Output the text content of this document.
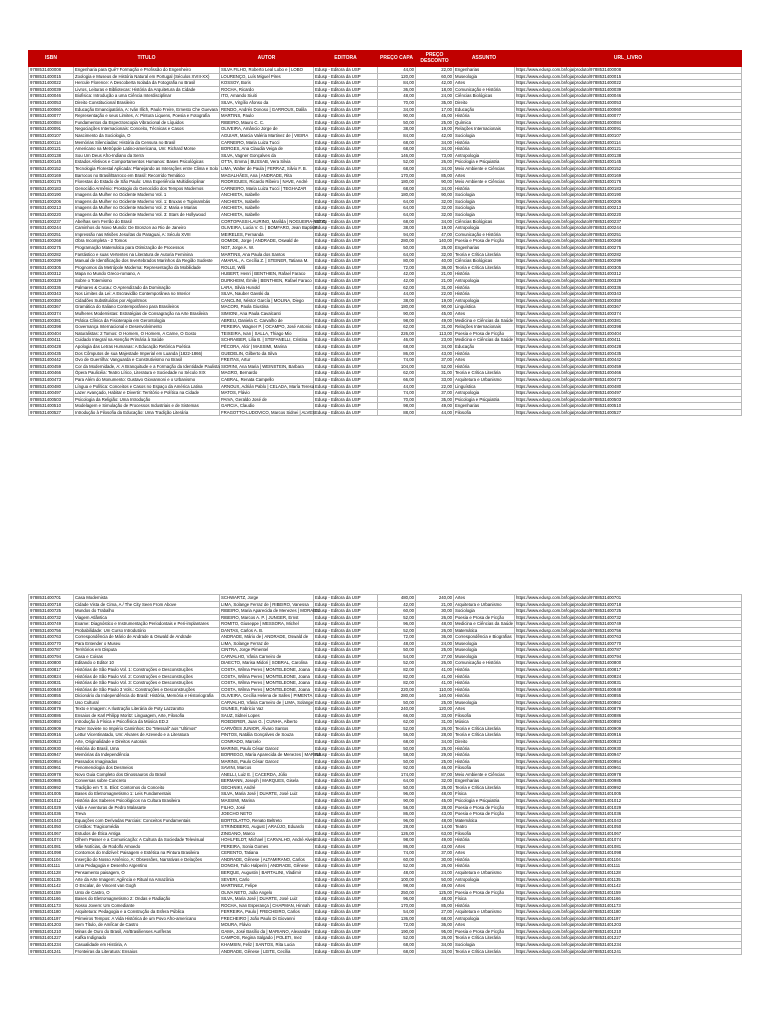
ISBN	TITULO	AUTOR	EDITORA	PREÇO CAPA	PREÇO DESCONTO	ASSUNTO	URL_LIVRO
9788531400008	Engenharia para Quê? Formação e Profissão do Engenheiro	SILVA FILHO, Roberto Leal Lobo e | LOBO	Edusp - Editora da USP	44,00	22,00	Engenharias	https://www.edusp.com.br/loja/produto/9788531400008
9788531400015	Zoologia e Museus de História Natural em Portugal (Séculos XVIII-XX)	LOURENÇO, Luís Miguel Pires	Edusp - Editora da USP	120,00	60,00	Museologia	https://www.edusp.com.br/loja/produto/9788531400015
9788531400022	Hercule Florence: A Descoberta Isolada da Fotografia no Brasil	KOSSOY, Boris	Edusp - Editora da USP	84,00	42,00	Artes	https://www.edusp.com.br/loja/produto/9788531400022
9788531400039	Livros, Leituras e Bibliotecas: História da Arquitetura da Cidade	ROCHA, Ricardo	Edusp - Editora da USP	36,00	18,00	Comunicação e História	https://www.edusp.com.br/loja/produto/9788531400039
9788531400046	Biofisica: Introdução a uma Ciência Interdisciplinar	ITO, Amando Siuiti	Edusp - Editora da USP	48,00	24,00	Ciências Biológicas	https://www.edusp.com.br/loja/produto/9788531400046
9788531400053	Direito Constitucional Brasileiro	SILVA, Virgílio Afonso da	Edusp - Editora da USP	70,00	35,00	Direito	https://www.edusp.com.br/loja/produto/9788531400053
9788531400060	Educação Emancipatória, A: Iván Illich, Paulo Freire, Ernesto Che Guevara	RENDO, Andrés Donoso | GARROUX, Dalila	Edusp - Editora da USP	34,00	17,00	Educação	https://www.edusp.com.br/loja/produto/9788531400060
9788531400077	Representação e seus Limites, A: Pintura Liquens, Poesia e Fotografia	MARTINS, Paulo	Edusp - Editora da USP	90,00	45,00	História	https://www.edusp.com.br/loja/produto/9788531400077
9788531400084	Fundamentos da Espectroscopia Vibracional de Líquidos	RIBEIRO, Mauro C. C.	Edusp - Editora da USP	50,00	25,00	Química	https://www.edusp.com.br/loja/produto/9788531400084
9788531400091	Negociações Internacionais: Conceito, Técnicas e Casos	OLIVEIRA, Amâncio Jorge de	Edusp - Editora da USP	38,00	19,00	Relações Internacionais	https://www.edusp.com.br/loja/produto/9788531400091
9788531400107	Nascimento da Sociologia, O	AGUIAR, Marcia Valéria Martinez de | VIEIRA	Edusp - Editora da USP	84,00	42,00	Sociologia	https://www.edusp.com.br/loja/produto/9788531400107
9788531400114	Memórias Silenciadas: História da Censura no Brasil	CARNEIRO, Maria Luiza Tucci	Edusp - Editora da USP	68,00	34,00	História	https://www.edusp.com.br/loja/produto/9788531400114
9788531400121	Americano na Metrópole Latino-americana, Um: Richard Morse	BORGES, Ana Claudia Veiga de	Edusp - Editora da USP	68,00	34,00	História	https://www.edusp.com.br/loja/produto/9788531400121
9788531400138	Sou Um Deus Afro-Indiano da Serra	SILVA, Vagner Gonçalves da	Edusp - Editora da USP	146,00	73,00	Antropologia	https://www.edusp.com.br/loja/produto/9788531400138
9788531400145	Estados Afetivos e Comportamentos Humanos: Bases Psicológicas	OTTA, Emma | BUSSAB, Vera Silvia	Edusp - Editora da USP	52,00	26,00	Psicologia e Psiquiatria	https://www.edusp.com.br/loja/produto/9788531400145
9788531400152	Tecnologia Florestal Aplicada: Planejando as Interações entre Clima e Solo	LIMA, Walter de Paula | FERRAZ, Silvio F. B.	Edusp - Editora da USP	68,00	34,00	Meio Ambiente e Ciências	https://www.edusp.com.br/loja/produto/9788531400152
9788531400169	Barrocos no Brasil/Barroco em Brasil: Recorrido Temático	MAGALHÃES, Ana | ANDRADE, Rita	Edusp - Editora da USP	170,00	85,00	Artes	https://www.edusp.com.br/loja/produto/9788531400169
9788531400176	Florestas do Estado de São Paulo: Uma Experiência Multidisciplinar	RODRIGUES, Ricardo Ribeiro | NAVE, André	Edusp - Editora da USP	180,00	90,00	Meio Ambiente e Ciências	https://www.edusp.com.br/loja/produto/9788531400176
9788531400183	Genocídio Armênio: Prostogio do Genocídio dos Tempos Modernos	CARNEIRO, Maria Luiza Tucci | TEGHAZAR	Edusp - Editora da USP	68,00	34,00	História	https://www.edusp.com.br/loja/produto/9788531400183
9788531400190	Imagens da Mulher no Ocidente Moderno Vol. 1	ANCHIETA, Isabelle	Edusp - Editora da USP	180,00	90,00	Sociologia	https://www.edusp.com.br/loja/produto/9788531400190
9788531400206	Imagens da Mulher no Ocidente Moderno Vol. 1: Bruxas e Tupinambás	ANCHIETA, Isabelle	Edusp - Editora da USP	64,00	32,00	Sociologia	https://www.edusp.com.br/loja/produto/9788531400206
9788531400213	Imagens da Mulher no Ocidente Moderno Vol. 2: Maria e Marias	ANCHIETA, Isabelle	Edusp - Editora da USP	64,00	32,00	Sociologia	https://www.edusp.com.br/loja/produto/9788531400213
9788531400220	Imagens da Mulher no Ocidente Moderno Vol. 3: Stars de Hollywood	ANCHIETA, Isabelle	Edusp - Editora da USP	64,00	32,00	Sociologia	https://www.edusp.com.br/loja/produto/9788531400220
9788531400237	Abelhas sem Ferrão do Brasil	CORTOPASSI-LAURINO, Marilda | NOGUEIRA-NETO	Edusp - Editora da USP	68,00	34,00	Ciências Biológicas	https://www.edusp.com.br/loja/produto/9788531400237
9788531400244	Caminhos do Novo Mundo: De Bronzon ao Rio de Janeiro	OLIVEIRA, Lucia V. G. | BOMFARO, Jean Baptiste	Edusp - Editora da USP	38,00	19,00	Antropologia	https://www.edusp.com.br/loja/produto/9788531400244
9788531400251	Impressão nas Misões Jesuítas do Paraguai, A: Século XVIII	MEIRELES, Fernanda	Edusp - Editora da USP	94,00	47,00	Comunicação e História	https://www.edusp.com.br/loja/produto/9788531400251
9788531400268	Obra Incompleta - 2 Tomos	GOMIDE, Jorge | ANDRADE, Oswald de	Edusp - Editora da USP	280,00	140,00	Poesia e Prosa de Ficção	https://www.edusp.com.br/loja/produto/9788531400268
9788531400275	Programação Matemática para Otimização de Processos	NGT, Jorge A. W.	Edusp - Editora da USP	50,00	25,00	Engenharias	https://www.edusp.com.br/loja/produto/9788531400275
9788531400282	Fantástico e suas Vertentes na Literatura de Autoria Feminina	MARTINS, Ana Paula dos Santos	Edusp - Editora da USP	64,00	32,00	Teoria e Crítica Literária	https://www.edusp.com.br/loja/produto/9788531400282
9788531400299	Manual de Identificação dos Invertebrados Marinhos da Região Sudeste	AMARAL, A. Cecília Z. | STEINER, Tatiana M.	Edusp - Editora da USP	80,00	40,00	Ciências Biológicas	https://www.edusp.com.br/loja/produto/9788531400299
9788531400305	Prognomos da Metrópole Moderna: Representação da Mobilidade	ROLLE, Willi	Edusp - Editora da USP	72,00	36,00	Teoria e Crítica Literária	https://www.edusp.com.br/loja/produto/9788531400305
9788531400312	Mapa no Mundo Greco-romano, A	HUBERT, Henri | BENTHIEN, Rafael Faraco	Edusp - Editora da USP	42,00	21,00	História	https://www.edusp.com.br/loja/produto/9788531400312
9788531400329	Sobre o Totemismo	DURKHEIM, Émile | BENTHIEN, Rafael Faraco	Edusp - Editora da USP	42,00	21,00	Antropologia	https://www.edusp.com.br/loja/produto/9788531400329
9788531400336	Palmares & Cucau: O Aprendizado da Dominação	LARA, Silvia Hunold	Edusp - Editora da USP	62,00	31,00	História	https://www.edusp.com.br/loja/produto/9788531400336
9788531400343	Nos Limites da Lei: A Escravidão Contemporânea no Interior	SILVA, Nauber Gavski da	Edusp - Editora da USP	44,00	22,00	História	https://www.edusp.com.br/loja/produto/9788531400343
9788531400350	Cidadões Substituídos por Algoritmos	CANCLINI, Néstor García | MOLINA, Diego	Edusp - Editora da USP	38,00	19,00	Antropologia	https://www.edusp.com.br/loja/produto/9788531400350
9788531400367	Gramática do Italiano Contemporâneo para Brasileiros	MACORI, Paola Giustina	Edusp - Editora da USP	180,00	90,00	Linguística	https://www.edusp.com.br/loja/produto/9788531400367
9788531400374	Mulheres Modernistas: Estratégias de Consagração na Arte Brasileira	SIMIONI, Ana Paula Cavalcanti	Edusp - Editora da USP	90,00	45,00	Artes	https://www.edusp.com.br/loja/produto/9788531400374
9788531400381	Prática Clínica da Fisioterapia em Gerontologia	ABREU, Daniela C. Carvalho de	Edusp - Editora da USP	98,00	49,00	Medicina e Ciências da Saúde	https://www.edusp.com.br/loja/produto/9788531400381
9788531400398	Governança Internacional e Desenvolvimento	PEREIRA, Wagner P. | OCAMPO, José Antonio	Edusp - Editora da USP	62,00	31,00	Relações Internacionais	https://www.edusp.com.br/loja/produto/9788531400398
9788531400404	Naturalistas: 2 Tomos: O Homem, O Homem, A Carne, O Gosto	TEIXEIRA, Ivan | SALLA, Thiago Mio	Edusp - Editora da USP	226,00	113,00	Poesia e Prosa de Ficção	https://www.edusp.com.br/loja/produto/9788531400404
9788531400411	Cuidado Integral na Atenção Primária à Saúde	SCHRAIBER, Lilia B. | STEFANELLI, Cristina	Edusp - Editora da USP	46,00	23,00	Medicina e Ciências da Saúde	https://www.edusp.com.br/loja/produto/9788531400411
9788531400428	Apologia das Letras Humanas: A Educação Retórica Poética	PÉCORA, Alcir | MASSIMI, Marina	Edusp - Editora da USP	68,00	34,00	Educação	https://www.edusp.com.br/loja/produto/9788531400428
9788531400435	Dos Cômputos de sua Majestade Imperial em Luanda (1822-1866)	GUEDELIN, Gilberto da Silva	Edusp - Editora da USP	86,00	43,00	História	https://www.edusp.com.br/loja/produto/9788531400435
9788531400442	Ovo de Guerrilha: Vanguarda e Construtivismo no Brasil	FREITAS, Artur	Edusp - Editora da USP	74,00	37,00	Artes	https://www.edusp.com.br/loja/produto/9788531400442
9788531400459	Cor da Modernidade, A: A Branquitude e a Formação da Identidade Paulista	SIORINI, Ana Maria | WEINSTEIN, Barbara	Edusp - Editora da USP	104,00	52,00	História	https://www.edusp.com.br/loja/produto/9788531400459
9788531400466	Ópera Paulicéia: Teatro Lírico, Literatura e Sociedade no Século XIX	MAGRO, Bernardo	Edusp - Editora da USP	62,00	31,00	Teoria e Crítica Literária	https://www.edusp.com.br/loja/produto/9788531400466
9788531400473	Para Além do Monumento: Gustavo Giovannoni e o Urbanismo	CABRAL, Renata Campello	Edusp - Editora da USP	66,00	33,00	Arquitetura e Urbanismo	https://www.edusp.com.br/loja/produto/9788531400473
9788531400480	Língua e Política: Conceitos e Casos no Espaço da América Latina	ARNOUX, Adrián Pablo | CELADA, María Teresa	Edusp - Editora da USP	44,00	22,00	Linguística	https://www.edusp.com.br/loja/produto/9788531400480
9788531400497	Lazer Avançado, Habitar e Divertir: Território e Política na Cidade	MATOS, Flávio	Edusp - Editora da USP	74,00	37,00	Antropologia	https://www.edusp.com.br/loja/produto/9788531400497
9788531400503	Psicologia da Religião: Uma Introdução	PAIVA, Geraldo José de	Edusp - Editora da USP	70,00	35,00	Psicologia e Psiquiatria	https://www.edusp.com.br/loja/produto/9788531400503
9788531400510	Modelagem e Simulação de Processos Industriais e de Sistemas	GARCIA, Claudio	Edusp - Editora da USP	98,00	49,00	Engenharias	https://www.edusp.com.br/loja/produto/9788531400510
9788531400527	Introdução à Filosofia da Educação: Uma Tradição Literária	FRAGOTTO-LUDOVICO, Marcos Sidnei | ALVES	Edusp - Editora da USP	88,00	44,00	Filosofia	https://www.edusp.com.br/loja/produto/9788531400527
9788531400701	Casa Modernista	SCHWARTZ, Jorge	Edusp - Editora da USP	480,00	240,00	Artes	https://www.edusp.com.br/loja/produto/9788531400701
9788531400718	Cidade Vista de Cima, A / The City Seen From Above	LIMA, Solange Ferraz de | RIBEIRO, Vanessa	Edusp - Editora da USP	42,00	21,00	Arquitetura e Urbanismo	https://www.edusp.com.br/loja/produto/9788531400718
9788531400725	Mundos do Trabalho	RIBEIRO, Maria Aparecida de Menezes | MORAES	Edusp - Editora da USP	60,00	30,00	Sociologia	https://www.edusp.com.br/loja/produto/9788531400725
9788531400732	Viagem Atlântica	RIBEIRO, Marcos A. P. | JUNGER, Ernst	Edusp - Editora da USP	52,00	26,00	Poesia e Prosa de Ficção	https://www.edusp.com.br/loja/produto/9788531400732
9788531400749	Exame: Diagnóstico e Instrumentação Periodontais e Peri-implantares	ROMITO, Giuseppe | MESSORA, Michel	Edusp - Editora da USP	96,00	48,00	Medicina e Ciências da Saúde	https://www.edusp.com.br/loja/produto/9788531400749
9788531400756	Probabilidade: Um Curso Introdutório	DANTAS, Carlos A. B.	Edusp - Editora da USP	52,00	26,00	Matemática	https://www.edusp.com.br/loja/produto/9788531400756
9788531400763	Correspondência de Mário de Andrade & Oswald de Andrade	ANDRADE, Mário de | ANDRADE, Oswald de	Edusp - Editora da USP	72,00	36,00	Correspondência e Biografias	https://www.edusp.com.br/loja/produto/9788531400763
9788531400770	Para Entender o Museu	LIMA, Solange Ferraz de	Edusp - Editora da USP	48,00	24,00	Museologia	https://www.edusp.com.br/loja/produto/9788531400770
9788531400787	Territórios em Disputa	CINTRA, Jorge Pimentel	Edusp - Editora da USP	50,00	25,00	Museologia	https://www.edusp.com.br/loja/produto/9788531400787
9788531400794	Casa e Coisas	CARVALHO, Vânia Carneiro de	Edusp - Editora da USP	54,00	27,00	Museologia	https://www.edusp.com.br/loja/produto/9788531400794
9788531400800	Editando o Editor 10	DIAECTO, Marisa Midori | SOBRAL, Carolina	Edusp - Editora da USP	52,00	26,00	Comunicação e História	https://www.edusp.com.br/loja/produto/9788531400800
9788531400817	Histórias de São Paulo Vol. 1: Construções e Desconstruções	COSTA, Wilma Peres | MONTELEONE, Joana	Edusp - Editora da USP	82,00	41,00	História	https://www.edusp.com.br/loja/produto/9788531400817
9788531400824	Histórias de São Paulo Vol. 2: Construções e Desconstruções	COSTA, Wilma Peres | MONTELEONE, Joana	Edusp - Editora da USP	82,00	41,00	História	https://www.edusp.com.br/loja/produto/9788531400824
9788531400831	Histórias de São Paulo Vol. 3: Construções e Desconstruções	COSTA, Wilma Peres | MONTELEONE, Joana	Edusp - Editora da USP	82,00	41,00	História	https://www.edusp.com.br/loja/produto/9788531400831
9788531400848	Histórias de São Paulo 3 Vols.: Construções e Desconstruções	COSTA, Wilma Peres | MONTELEONE, Joana	Edusp - Editora da USP	220,00	110,00	História	https://www.edusp.com.br/loja/produto/9788531400848
9788531400855	Dicionário da Independência do Brasil: História, Memória e Historiografia	OLIVEIRA, Cecília Helena de Salles | PIMENTA	Edusp - Editora da USP	280,00	140,00	História	https://www.edusp.com.br/loja/produto/9788531400855
9788531400862	Uso Cultural	CARVALHO, Vânia Carneiro de | LIMA, Solange	Edusp - Editora da USP	50,00	25,00	Museologia	https://www.edusp.com.br/loja/produto/9788531400862
9788531400879	Texto e Imagem: A Ilustração Literária de Poty Lazzarotto	GIUNES, Fabricio Vaz	Edusp - Editora da USP	240,00	120,00	Artes	https://www.edusp.com.br/loja/produto/9788531400879
9788531400886	Ensaios de Karl Philipp Moritz: Linguagem, Arte, Filosofia	SAUZ, Sidnei Lopes	Edusp - Editora da USP	66,00	33,00	Filosofia	https://www.edusp.com.br/loja/produto/9788531400886
9788531400893	Introdução à Física e Psicofísica da Música ED.2	ROEDERER, Juan G. | CUNHA, Alberto	Edusp - Editora da USP	62,00	31,00	Música	https://www.edusp.com.br/loja/produto/9788531400893
9788531400909	Fazer Soviete no Império Caminhos: Do "Messali" aos "Ultimos"	CARVÕES JUNIOR, Álvaro Santos	Edusp - Editora da USP	52,00	26,00	Teoria e Crítica Literária	https://www.edusp.com.br/loja/produto/9788531400909
9788531400916	Lettur Vicentinatado, Um: Alvares de Azevedo e a Literatura	PINTOS, Natália Gonçalves de Souza	Edusp - Editora da USP	56,00	28,00	Teoria e Crítica Literária	https://www.edusp.com.br/loja/produto/9788531400916
9788531400923	Arte, Originalidade e Direitos Autorais	CONRADO, Marcelo	Edusp - Editora da USP	68,00	34,00	Direito	https://www.edusp.com.br/loja/produto/9788531400923
9788531400930	História do Brasil, Uma	MARINS, Paulo César Garcez	Edusp - Editora da USP	50,00	25,00	História	https://www.edusp.com.br/loja/produto/9788531400930
9788531400947	Memórias da Independência	BORREGO, Maria Aparecida de Menezes | MARINS	Edusp - Editora da USP	58,00	29,00	História	https://www.edusp.com.br/loja/produto/9788531400947
9788531400954	Passados Imaginados	MARINS, Paulo César Garcez	Edusp - Editora da USP	50,00	25,00	História	https://www.edusp.com.br/loja/produto/9788531400954
9788531400961	Fenomenologia dos Desmeios	SAVINI, Marcos	Edusp - Editora da USP	92,00	46,00	Filosofia	https://www.edusp.com.br/loja/produto/9788531400961
9788531400978	Novo Guia Completo dos Dinossauros do Brasil	ANELLI, Luiz E. | CACERDA, Júlio	Edusp - Editora da USP	174,00	87,00	Meio Ambiente e Ciências	https://www.edusp.com.br/loja/produto/9788531400978
9788531400985	Conversas sobre Concreto	BERMANN, Joseph | MARQUES, Gisela	Edusp - Editora da USP	64,00	32,00	Engenharias	https://www.edusp.com.br/loja/produto/9788531400985
9788531400992	Tradição em T. S. Eliot: Contornos do Conceito	GECHNIKI, André	Edusp - Editora da USP	50,00	25,00	Teoria e Crítica Literária	https://www.edusp.com.br/loja/produto/9788531400992
9788531401005	Bases do Eletromagnetismo 1: Leis Fundamentais	SILVA, Maria José | DUARTE, José Luiz	Edusp - Editora da USP	96,00	48,00	Física	https://www.edusp.com.br/loja/produto/9788531401005
9788531401012	História dos Saberes Psicológicos na Cultura Brasileira	MASSIMI, Marina	Edusp - Editora da USP	90,00	45,00	Psicologia e Psiquiatria	https://www.edusp.com.br/loja/produto/9788531401012
9788531401029	Vida e Aventuras de Pedro Malasarte	FILHO, José	Edusp - Editora da USP	56,00	28,00	Poesia e Prosa de Ficção	https://www.edusp.com.br/loja/produto/9788531401029
9788531401036	Treva	JOECHO NETO	Edusp - Editora da USP	86,00	43,00	Poesia e Prosa de Ficção	https://www.edusp.com.br/loja/produto/9788531401036
9788531401043	Equações com Derivadas Parciais: Conceitos Fundamentais	BORTOLATTO, Renato Beltreto	Edusp - Editora da USP	96,00	48,00	Matemática	https://www.edusp.com.br/loja/produto/9788531401043
9788531401050	Cristãos: Tragicomédia	STRINDBERG, August | ARAÚJO, Eduardo	Edusp - Editora da USP	28,00	14,00	Teatro	https://www.edusp.com.br/loja/produto/9788531401050
9788531401067	Estudos de Ética Antiga	ZINGANO, Marco	Edusp - Editora da USP	126,00	63,00	Filosofia	https://www.edusp.com.br/loja/produto/9788531401067
9788531401074	Olhem Passer e a Comunicação: A Cultura da Sociedade Televisual	HOHLFELDT, Michael | CARVALHO, André Alves	Edusp - Editora da USP	98,00	49,00	História	https://www.edusp.com.br/loja/produto/9788531401074
9788531401081	Mãe Notícias, de Rodolfo Amoedo	PEREIRA, Sonia Gomes	Edusp - Editora da USP	86,00	43,00	Artes	https://www.edusp.com.br/loja/produto/9788531401081
9788531401098	Contornos do Indizível: Paisagem e Estética na Pintura Brasileira	CERENTO, Tatiana	Edusp - Editora da USP	74,00	37,00	Artes	https://www.edusp.com.br/loja/produto/9788531401098
9788531401104	Inserção do Nosso Arsênico, A: Obsessões, Narrativas e Delações	ANDRADE, Gênese | ALTAMIRANO, Carlos	Edusp - Editora da USP	60,00	30,00	História	https://www.edusp.com.br/loja/produto/9788531401104
9788531401111	Uma Pedagogia e Desenho Argentino	DONGHI, Tulio Halperin | ANDRADE, Gênese	Edusp - Editora da USP	52,00	26,00	História	https://www.edusp.com.br/loja/produto/9788531401111
9788531401128	Pensamento paisagem, O	BERQUE, Augustin | BARTALINI, Vladimir	Edusp - Editora da USP	48,00	24,00	Arquitetura e Urbanismo	https://www.edusp.com.br/loja/produto/9788531401128
9788531401135	Arte da Arte Imagem: Agência e Ritual na Amazônia	SEVERI, Carlo	Edusp - Editora da USP	100,00	50,00	Antropologia	https://www.edusp.com.br/loja/produto/9788531401135
9788531401142	O Escalar, de Vincent van Gogh	MARTINEZ, Felipe	Edusp - Editora da USP	98,00	49,00	Artes	https://www.edusp.com.br/loja/produto/9788531401142
9788531401159	Unto de Castro, O	OLIVA NETO, João Angelo	Edusp - Editora da USP	250,00	125,00	Poesia e Prosa de Ficção	https://www.edusp.com.br/loja/produto/9788531401159
9788531401166	Bases do Eletromagnetismo 2: Ondas e Radiação	SILVA, Maria José | DUARTE, José Luiz	Edusp - Editora da USP	96,00	48,00	Física	https://www.edusp.com.br/loja/produto/9788531401166
9788531401173	Nosso Jovem: Um Comediante	ROCHA, Ivan Esperança | CHAPMAN, Hinnah	Edusp - Editora da USP	170,00	85,00	História	https://www.edusp.com.br/loja/produto/9788531401173
9788531401180	Arquitetura: Pedagogia e a Construção da Esfera Pública	FERREIRA, Paulo | FRECHEIRO, Carlos	Edusp - Editora da USP	54,00	27,00	Arquitetura e Urbanismo	https://www.edusp.com.br/loja/produto/9788531401180
9788531401197	Primeiros Tempos: A Vida Histórica de um Povo Afro-americano	FRECHEIRO | João Paulo Di Giovanni	Edusp - Editora da USP	136,00	68,00	Antropologia	https://www.edusp.com.br/loja/produto/9788531401197
9788531401203	Sem Título, de Amílcar de Castro	MOURA, Flávio	Edusp - Editora da USP	72,00	36,00	Artes	https://www.edusp.com.br/loja/produto/9788531401203
9788531401210	Minas de Ouro do Brasil, As/Brasilienses Auríferas	GAMA, José Basílio da | MARIANO, Alexandre	Edusp - Editora da USP	190,00	95,00	Poesia e Prosa de Ficção	https://www.edusp.com.br/loja/produto/9788531401210
9788531401227	Kafka Indignado	CAMPOS, Regina Salgado | POLETI, Inez	Edusp - Editora da USP	52,00	26,00	Teoria e Crítica Literária	https://www.edusp.com.br/loja/produto/9788531401227
9788531401234	Casualidade em História, A	KHAMSIN, Feliz | SANTOS, Rita Lucia	Edusp - Editora da USP	68,00	34,00	Sociologia	https://www.edusp.com.br/loja/produto/9788531401234
9788531401241	Fronteiras da Literatura: Ensaios	ANDRADE, Gênese | LEITE, Cecília	Edusp - Editora da USP	68,00	34,00	Teoria e Crítica Literária	https://www.edusp.com.br/loja/produto/9788531401241
